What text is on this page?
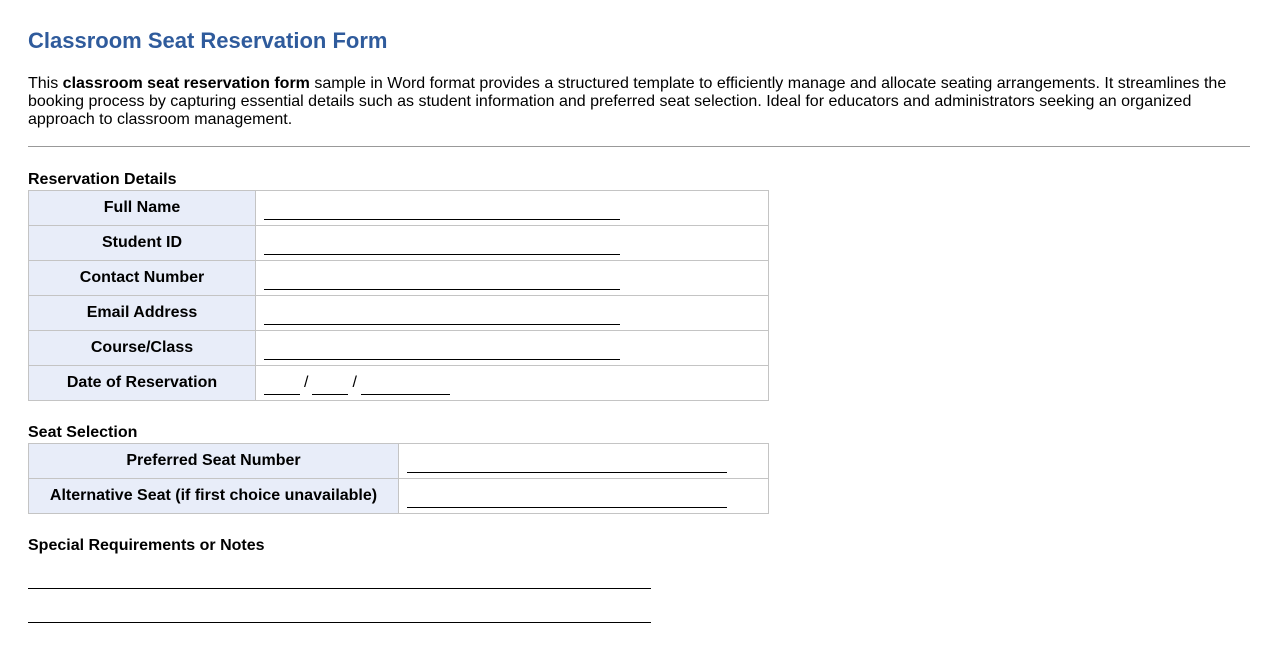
Classroom Seat Reservation Form

This classroom seat reservation form sample in Word format provides a structured template to efficiently manage and allocate seating arrangements. It streamlines the booking process by capturing essential details such as student information and preferred seat selection. Ideal for educators and administrators seeking an organized approach to classroom management.

Reservation Details
Full Name	
Student ID	
Contact Number	
Email Address	
Course/Class	
Date of Reservation	/ /
Seat Selection
Preferred Seat Number	
Alternative Seat (if first choice unavailable)	
Special Requirements or Notes
